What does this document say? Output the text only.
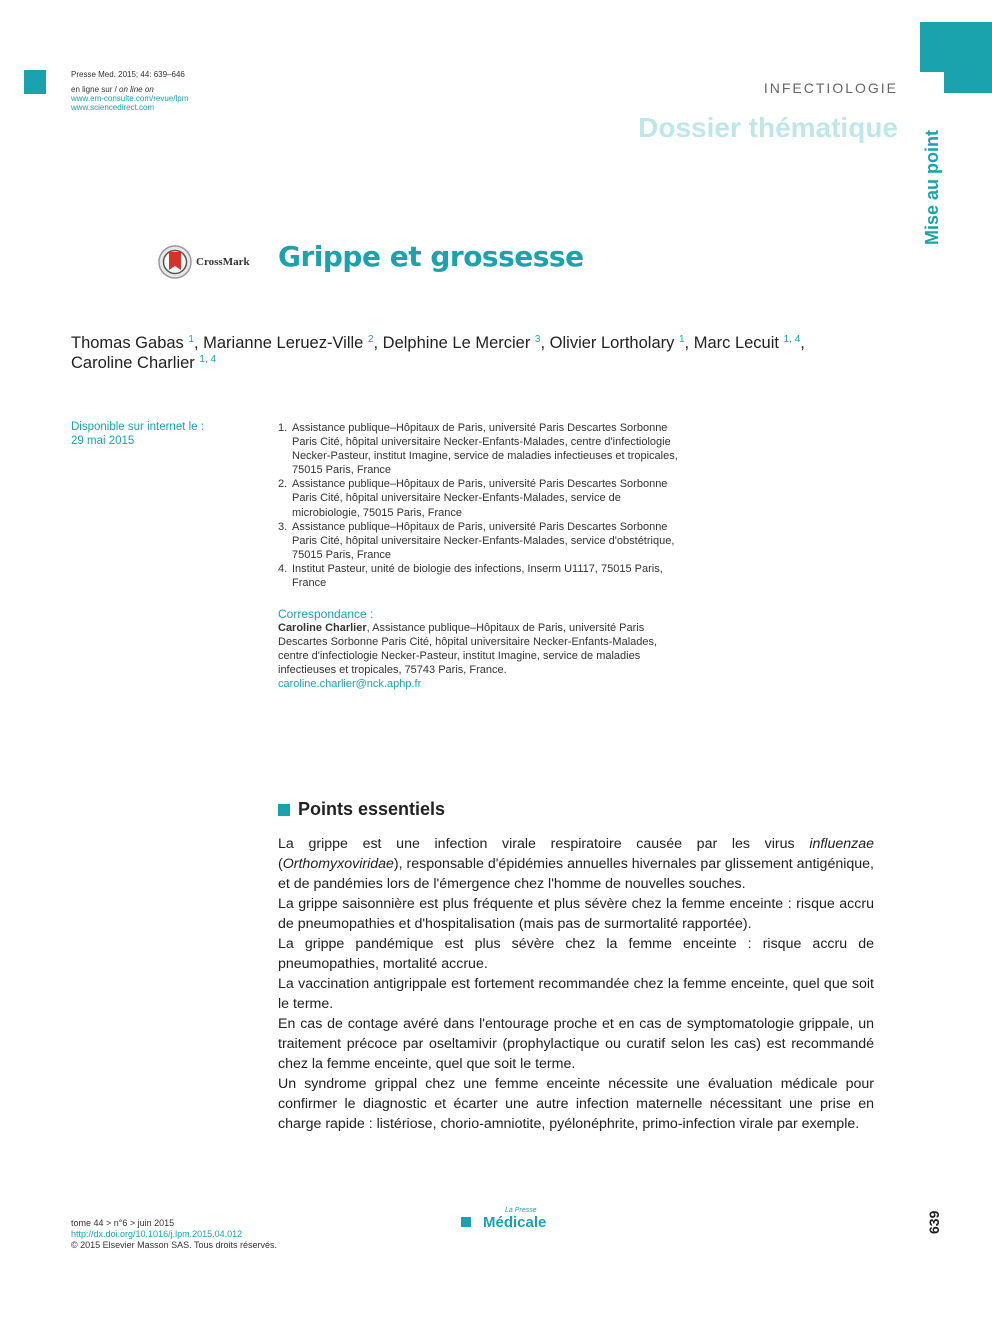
Presse Med. 2015; 44: 639–646
en ligne sur / on line on
www.em-consulte.com/revue/lpm
www.sciencedirect.com
INFECTIOLOGIE
Dossier thématique
Mise au point
CrossMark Grippe et grossesse
Thomas Gabas $^1$, Marianne Leruez-Ville $^2$, Delphine Le Mercier $^3$, Olivier Lortholary $^1$, Marc Lecuit $^{1, 4}$,
Caroline Charlier $^{1, 4}$
Disponible sur internet le :
29 mai 2015
1. Assistance publique–Hôpitaux de Paris, université Paris Descartes Sorbonne Paris Cité, hôpital universitaire Necker-Enfants-Malades, centre d'infectiologie Necker-Pasteur, institut Imagine, service de maladies infectieuses et tropicales, 75015 Paris, France
2. Assistance publique–Hôpitaux de Paris, université Paris Descartes Sorbonne Paris Cité, hôpital universitaire Necker-Enfants-Malades, service de microbiologie, 75015 Paris, France
3. Assistance publique–Hôpitaux de Paris, université Paris Descartes Sorbonne Paris Cité, hôpital universitaire Necker-Enfants-Malades, service d'obstétrique, 75015 Paris, France
4. Institut Pasteur, unité de biologie des infections, Inserm U1117, 75015 Paris, France
Correspondance :
Caroline Charlier, Assistance publique–Hôpitaux de Paris, université Paris Descartes Sorbonne Paris Cité, hôpital universitaire Necker-Enfants-Malades, centre d'infectiologie Necker-Pasteur, institut Imagine, service de maladies infectieuses et tropicales, 75743 Paris, France.
caroline.charlier@nck.aphp.fr
Points essentiels

La grippe est une infection virale respiratoire causée par les virus influenzae (Orthomyxoviridae), responsable d'épidémies annuelles hivernales par glissement antigénique, et de pandémies lors de l'émergence chez l'homme de nouvelles souches.

La grippe saisonnière est plus fréquente et plus sévère chez la femme enceinte : risque accru de pneumopathies et d'hospitalisation (mais pas de surmortalité rapportée).

La grippe pandémique est plus sévère chez la femme enceinte : risque accru de pneumopathies, mortalité accrue.

La vaccination antigrippale est fortement recommandée chez la femme enceinte, quel que soit le terme.

En cas de contage avéré dans l'entourage proche et en cas de symptomatologie grippale, un traitement précoce par oseltamivir (prophylactique ou curatif selon les cas) est recommandé chez la femme enceinte, quel que soit le terme.

Un syndrome grippal chez une femme enceinte nécessite une évaluation médicale pour confirmer le diagnostic et écarter une autre infection maternelle nécessitant une prise en charge rapide : listériose, chorio-amniotite, pyélonéphrite, primo-infection virale par exemple.

tome 44 > n°6 > juin 2015
http://dx.doi.org/10.1016/j.lpm.2015.04.012
© 2015 Elsevier Masson SAS. Tous droits réservés.
La Presse
Médicale	639
